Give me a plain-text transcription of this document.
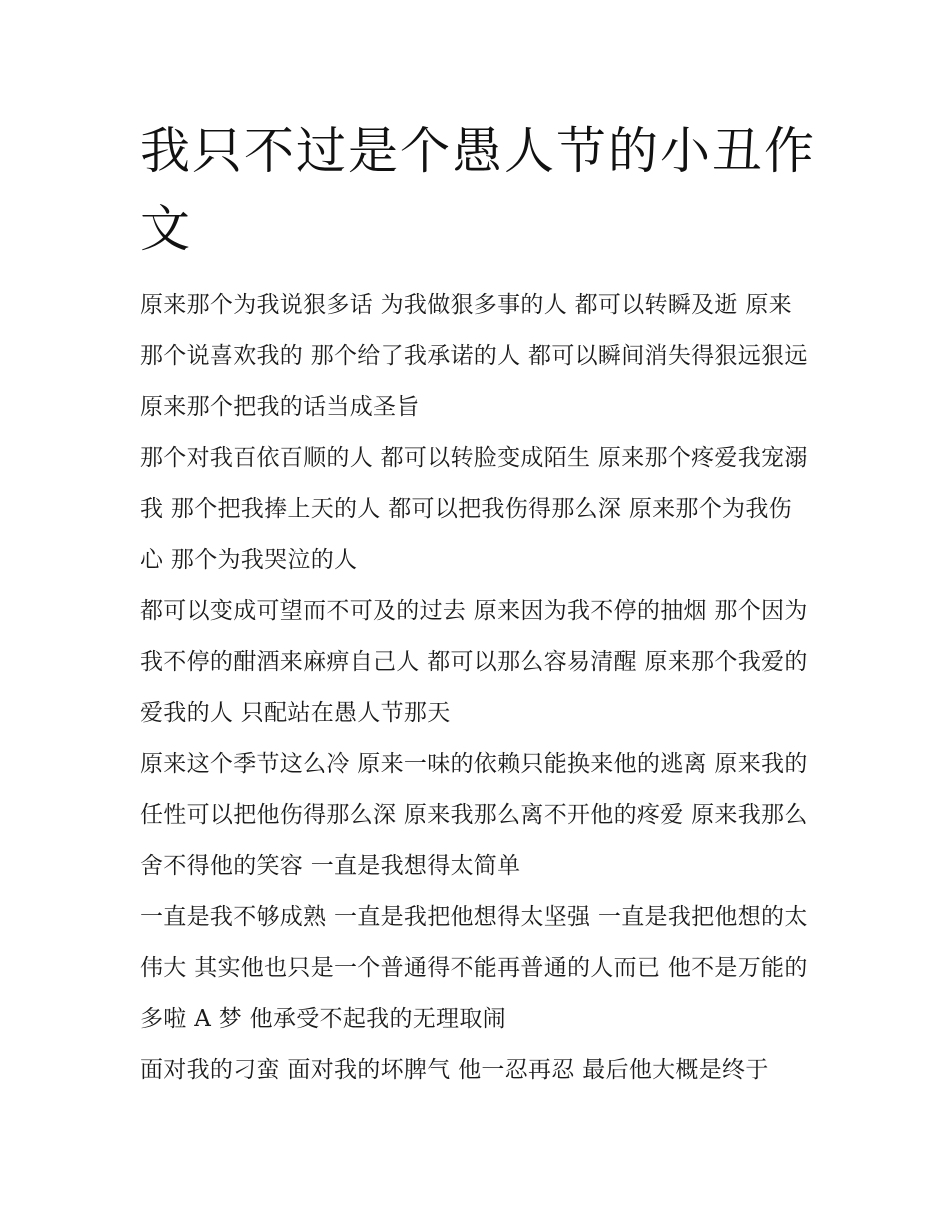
我只不过是个愚人节的小丑作文

原来那个为我说狠多话 为我做狠多事的人 都可以转瞬及逝 原来那个说喜欢我的 那个给了我承诺的人 都可以瞬间消失得狠远狠远 原来那个把我的话当成圣旨

那个对我百依百顺的人 都可以转脸变成陌生 原来那个疼爱我宠溺我 那个把我捧上天的人 都可以把我伤得那么深 原来那个为我伤心 那个为我哭泣的人

都可以变成可望而不可及的过去 原来因为我不停的抽烟 那个因为我不停的酣酒来麻痹自己人 都可以那么容易清醒 原来那个我爱的 爱我的人 只配站在愚人节那天

原来这个季节这么冷 原来一味的依赖只能换来他的逃离 原来我的任性可以把他伤得那么深 原来我那么离不开他的疼爱 原来我那么舍不得他的笑容 一直是我想得太简单

一直是我不够成熟 一直是我把他想得太坚强 一直是我把他想的太伟大 其实他也只是一个普通得不能再普通的人而已 他不是万能的多啦 A 梦 他承受不起我的无理取闹

面对我的刁蛮 面对我的坏脾气 他一忍再忍 最后他大概是终于
